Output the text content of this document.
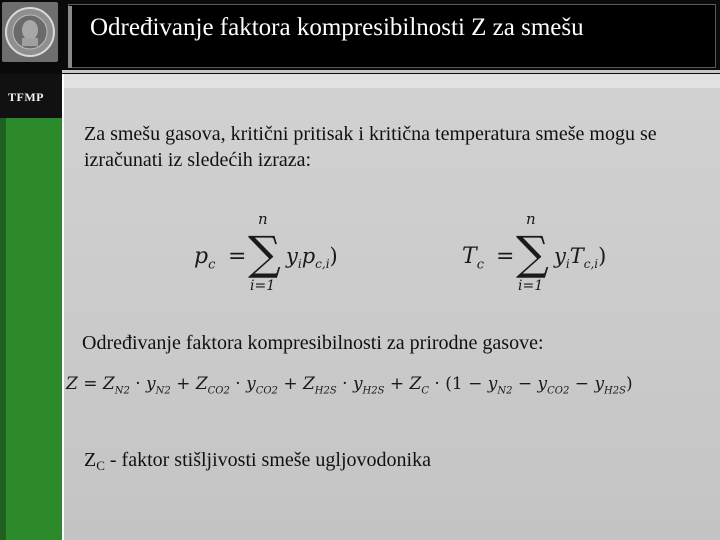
TFMP
Određivanje faktora kompresibilnosti Z za smešu
Za smešu gasova, kritični pritisak i kritična temperatura smeše mogu se izračunati iz sledećih izraza:
$p_c$ =
n
∑
i=1
$y_ip_{c,i}$)	$T_c$ =
n
∑
i=1
$y_iT_{c,i}$)
Određivanje faktora kompresibilnosti za prirodne gasove:
$Z = Z_{N2} \cdot y_{N2} + Z_{CO2} \cdot y_{CO2} + Z_{H2S} \cdot y_{H2S} + Z_C \cdot (1 - y_{N2} - y_{CO2} - y_{H2S})$
$Z_C$ - faktor stišljivosti smeše ugljovodonika
